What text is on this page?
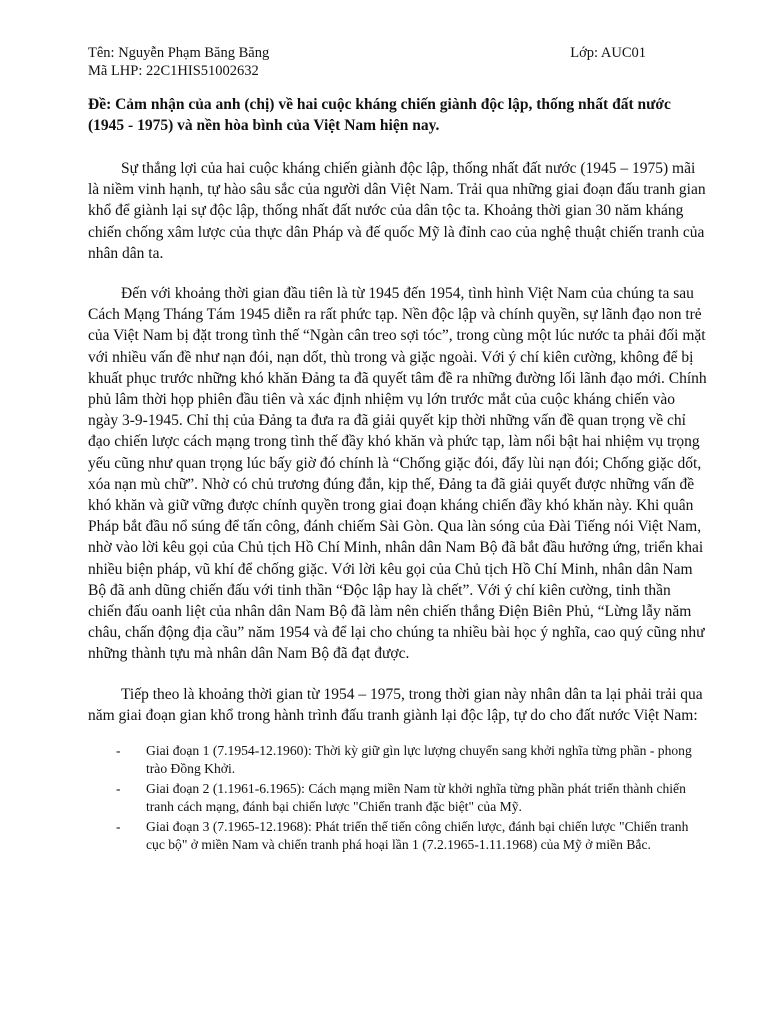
Tên: Nguyễn Phạm Băng Băng	Lớp: AUC01
Mã LHP: 22C1HIS51002632
Đề: Cảm nhận của anh (chị) về hai cuộc kháng chiến giành độc lập, thống nhất đất nước (1945 - 1975) và nền hòa bình của Việt Nam hiện nay.

Sự thắng lợi của hai cuộc kháng chiến giành độc lập, thống nhất đất nước (1945 – 1975) mãi là niềm vinh hạnh, tự hào sâu sắc của người dân Việt Nam. Trải qua những giai đoạn đấu tranh gian khổ để giành lại sự độc lập, thống nhất đất nước của dân tộc ta. Khoảng thời gian 30 năm kháng chiến chống xâm lược của thực dân Pháp và đế quốc Mỹ là đỉnh cao của nghệ thuật chiến tranh của nhân dân ta.

Đến với khoảng thời gian đầu tiên là từ 1945 đến 1954, tình hình Việt Nam của chúng ta sau Cách Mạng Tháng Tám 1945 diễn ra rất phức tạp. Nền độc lập và chính quyền, sự lãnh đạo non trẻ của Việt Nam bị đặt trong tình thế “Ngàn cân treo sợi tóc”, trong cùng một lúc nước ta phải đối mặt với nhiều vấn đề như nạn đói, nạn dốt, thù trong và giặc ngoài. Với ý chí kiên cường, không để bị khuất phục trước những khó khăn Đảng ta đã quyết tâm đề ra những đường lối lãnh đạo mới. Chính phủ lâm thời họp phiên đầu tiên và xác định nhiệm vụ lớn trước mắt của cuộc kháng chiến vào ngày 3-9-1945. Chỉ thị của Đảng ta đưa ra đã giải quyết kịp thời những vấn đề quan trọng về chỉ đạo chiến lược cách mạng trong tình thế đầy khó khăn và phức tạp, làm nổi bật hai nhiệm vụ trọng yếu cũng như quan trọng lúc bấy giờ đó chính là “Chống giặc đói, đẩy lùi nạn đói; Chống giặc dốt, xóa nạn mù chữ”. Nhờ có chủ trương đúng đắn, kịp thế, Đảng ta đã giải quyết được những vấn đề khó khăn và giữ vững được chính quyền trong giai đoạn kháng chiến đầy khó khăn này. Khi quân Pháp bắt đầu nổ súng để tấn công, đánh chiếm Sài Gòn. Qua làn sóng của Đài Tiếng nói Việt Nam, nhờ vào lời kêu gọi của Chủ tịch Hồ Chí Minh, nhân dân Nam Bộ đã bắt đầu hưởng ứng, triển khai nhiều biện pháp, vũ khí để chống giặc. Với lời kêu gọi của Chủ tịch Hồ Chí Minh, nhân dân Nam Bộ đã anh dũng chiến đấu với tinh thần “Độc lập hay là chết”. Với ý chí kiên cường, tinh thần chiến đấu oanh liệt của nhân dân Nam Bộ đã làm nên chiến thắng Điện Biên Phủ, “Lừng lẫy năm châu, chấn động địa cầu” năm 1954 và để lại cho chúng ta nhiều bài học ý nghĩa, cao quý cũng như những thành tựu mà nhân dân Nam Bộ đã đạt được.

Tiếp theo là khoảng thời gian từ 1954 – 1975, trong thời gian này nhân dân ta lại phải trải qua năm giai đoạn gian khổ trong hành trình đấu tranh giành lại độc lập, tự do cho đất nước Việt Nam:

- Giai đoạn 1 (7.1954-12.1960): Thời kỳ giữ gìn lực lượng chuyển sang khởi nghĩa từng phần - phong trào Đồng Khởi.
- Giai đoạn 2 (1.1961-6.1965): Cách mạng miền Nam từ khởi nghĩa từng phần phát triển thành chiến tranh cách mạng, đánh bại chiến lược "Chiến tranh đặc biệt" của Mỹ.
- Giai đoạn 3 (7.1965-12.1968): Phát triển thế tiến công chiến lược, đánh bại chiến lược "Chiến tranh cục bộ" ở miền Nam và chiến tranh phá hoại lần 1 (7.2.1965-1.11.1968) của Mỹ ở miền Bắc.
